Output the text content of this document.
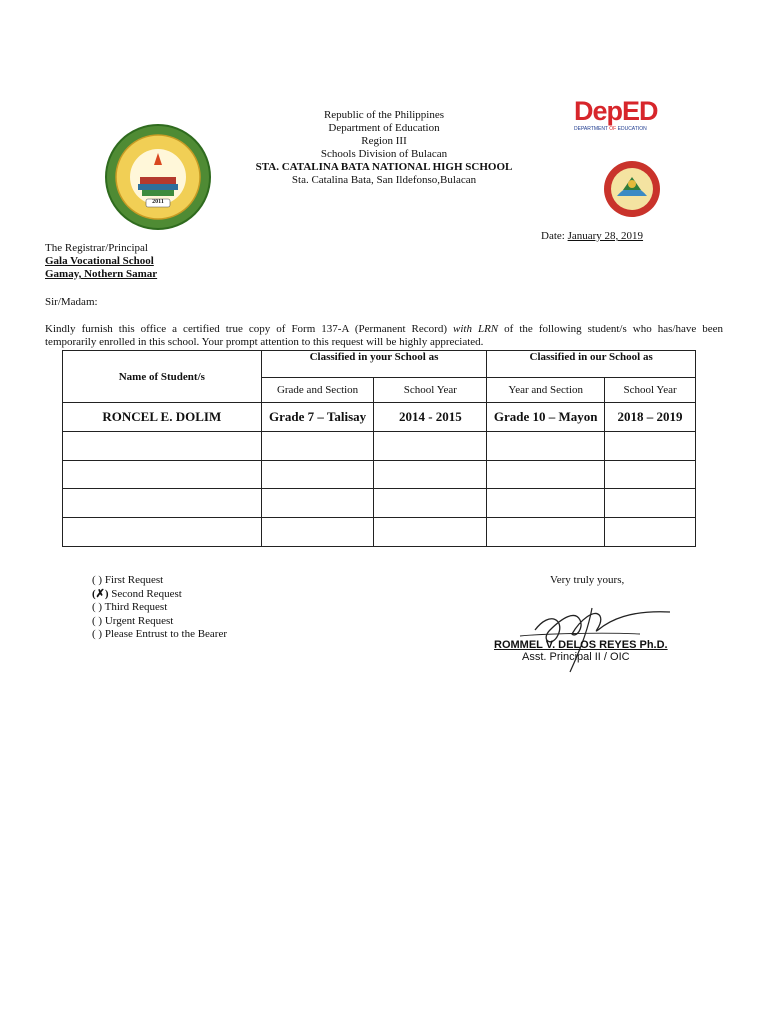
2011
DepED
DEPARTMENT OF EDUCATION
Republic of the Philippines
Department of Education
Region III
Schools Division of Bulacan
STA. CATALINA BATA NATIONAL HIGH SCHOOL
Sta. Catalina Bata, San Ildefonso,Bulacan
Date: January 28, 2019
The Registrar/Principal
Gala Vocational School
Gamay, Nothern Samar
Sir/Madam:
Kindly furnish this office a certified true copy of Form 137-A (Permanent Record) with LRN of the following student/s who has/have been
temporarily enrolled in this school. Your prompt attention to this request will be highly appreciated.
Name of Student/s	Classified in your School as		Classified in our School as	
	Grade and Section	School Year	Year and Section	School Year
RONCEL E. DOLIM	Grade 7 – Talisay	2014 - 2015	Grade 10 – Mayon	2018 – 2019

( ) First Request
(✗) Second Request
( ) Third Request
( ) Urgent Request
( ) Please Entrust to the Bearer
Very truly yours,
ROMMEL V. DELOS REYES Ph.D.
Asst. Principal II / OIC
